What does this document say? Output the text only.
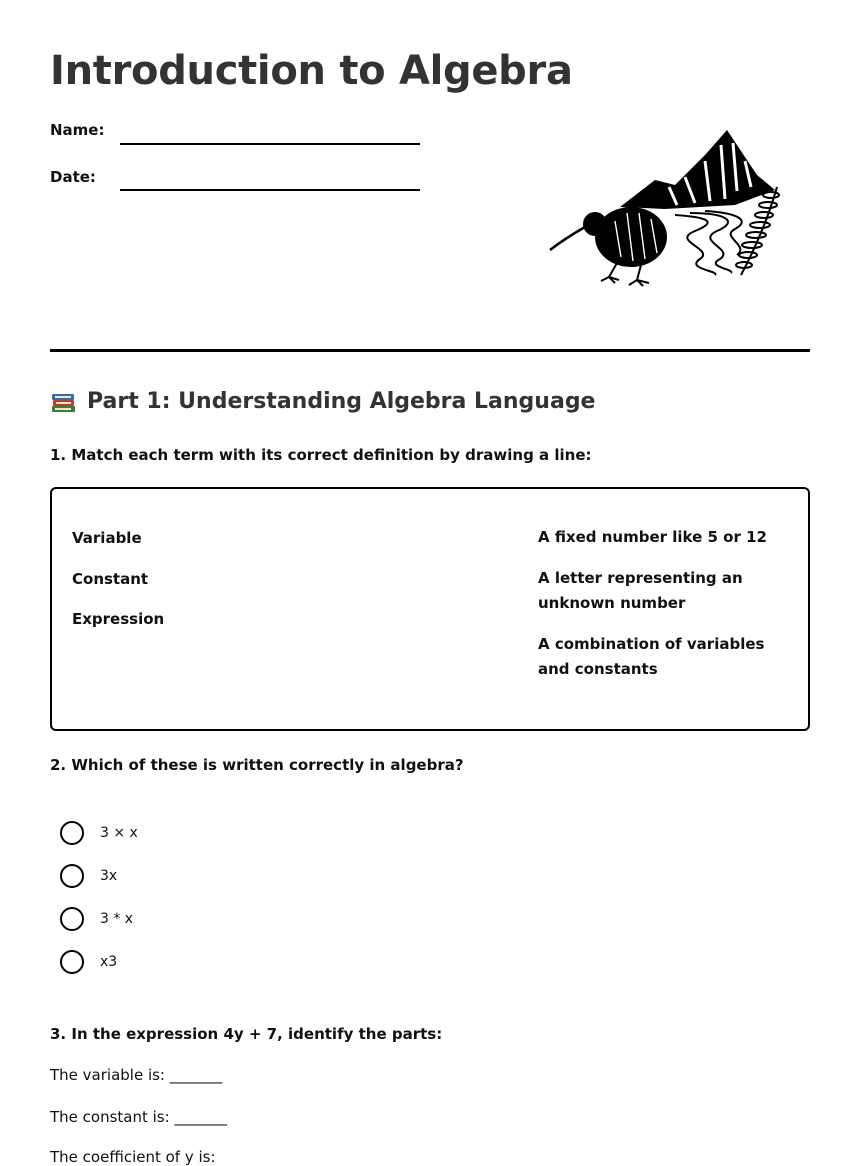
Introduction to Algebra
Name:
Date:
Part 1: Understanding Algebra Language
1. Match each term with its correct definition by drawing a line:
Variable
Constant
Expression
A fixed number like 5 or 12
A letter representing an unknown number
A combination of variables and constants
2. Which of these is written correctly in algebra?
3 × x
3x
3 * x
x3
3. In the expression 4y + 7, identify the parts:
The variable is: _______
The constant is: _______
The coefficient of y is:
